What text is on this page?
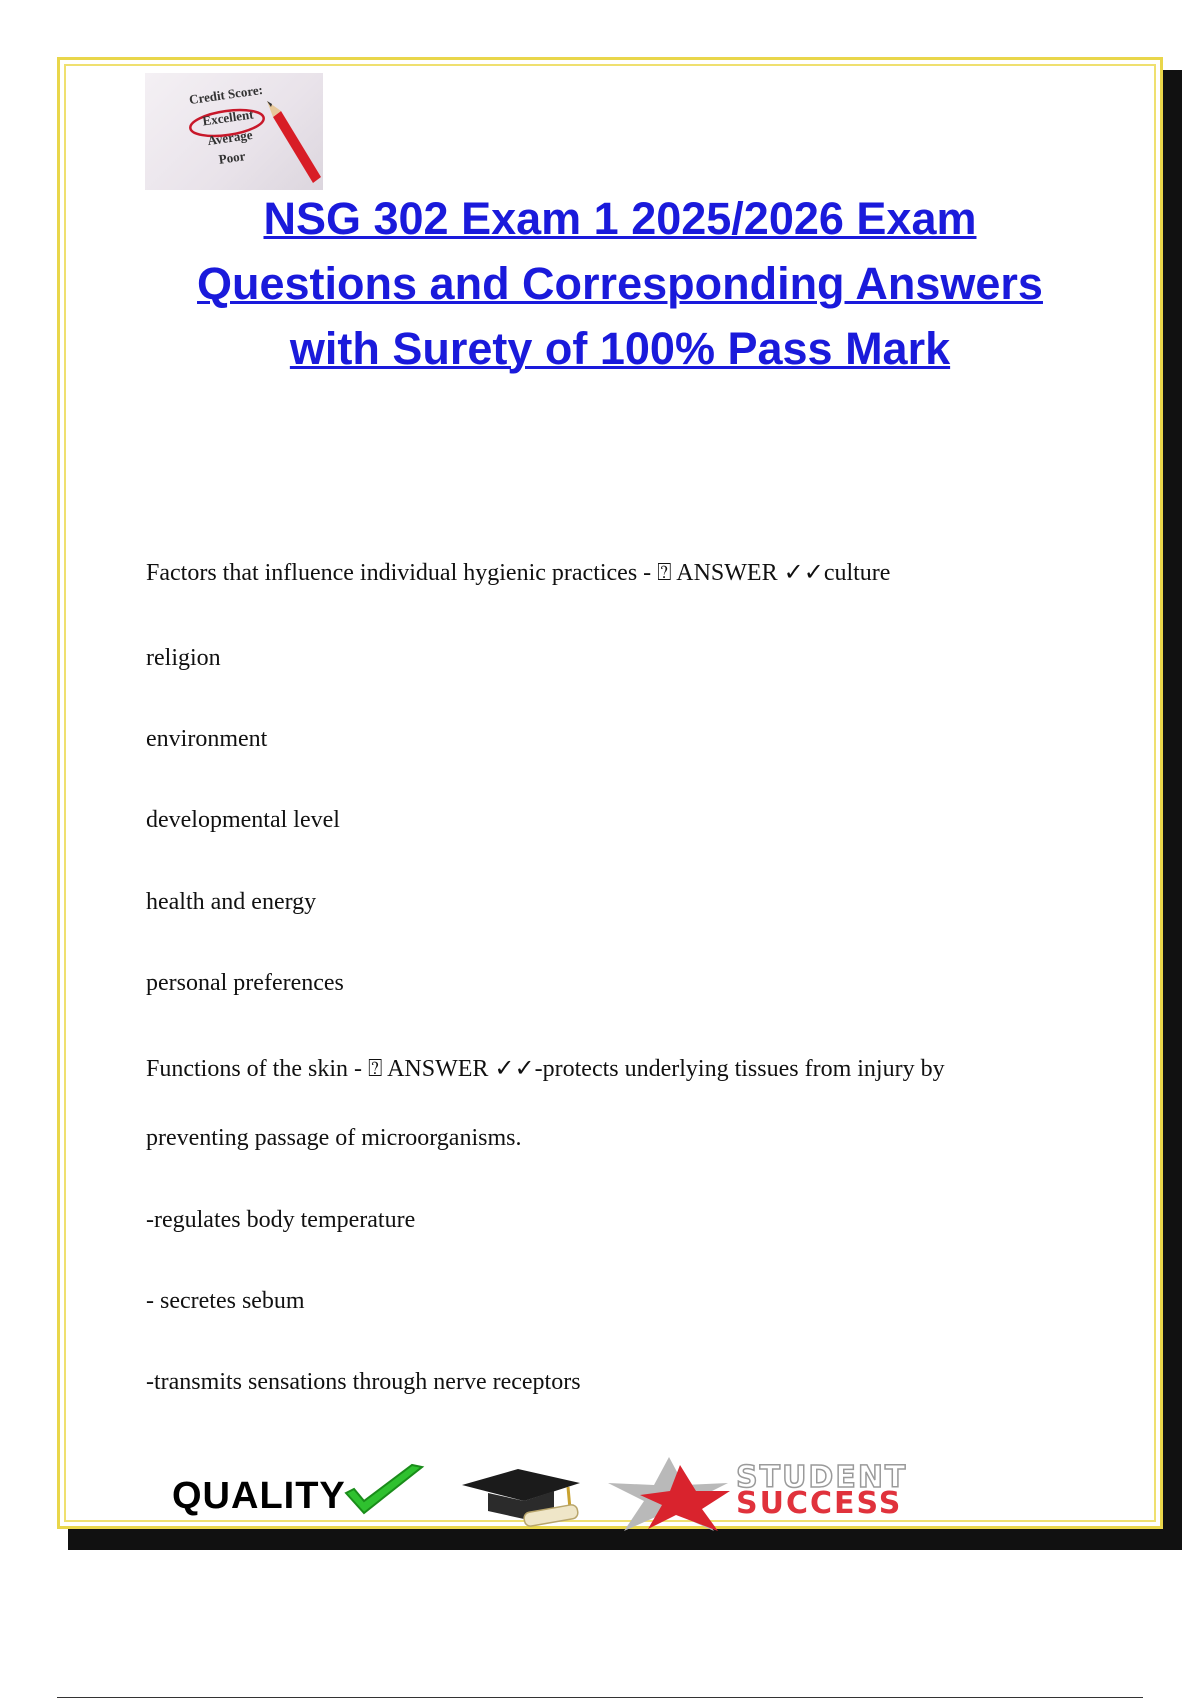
Credit Score:
Excellent
Average
Poor
NSG 302 Exam 1 2025/2026 Exam
Questions and Corresponding Answers
with Surety of 100% Pass Mark

Factors that influence individual hygienic practices - ⍰ ANSWER ✓✓culture

religion

environment

developmental level

health and energy

personal preferences

Functions of the skin - ⍰ ANSWER ✓✓-protects underlying tissues from injury by

preventing passage of microorganisms.

-regulates body temperature

- secretes sebum

-transmits sensations through nerve receptors

QUALITY	STUDENT
SUCCESS
